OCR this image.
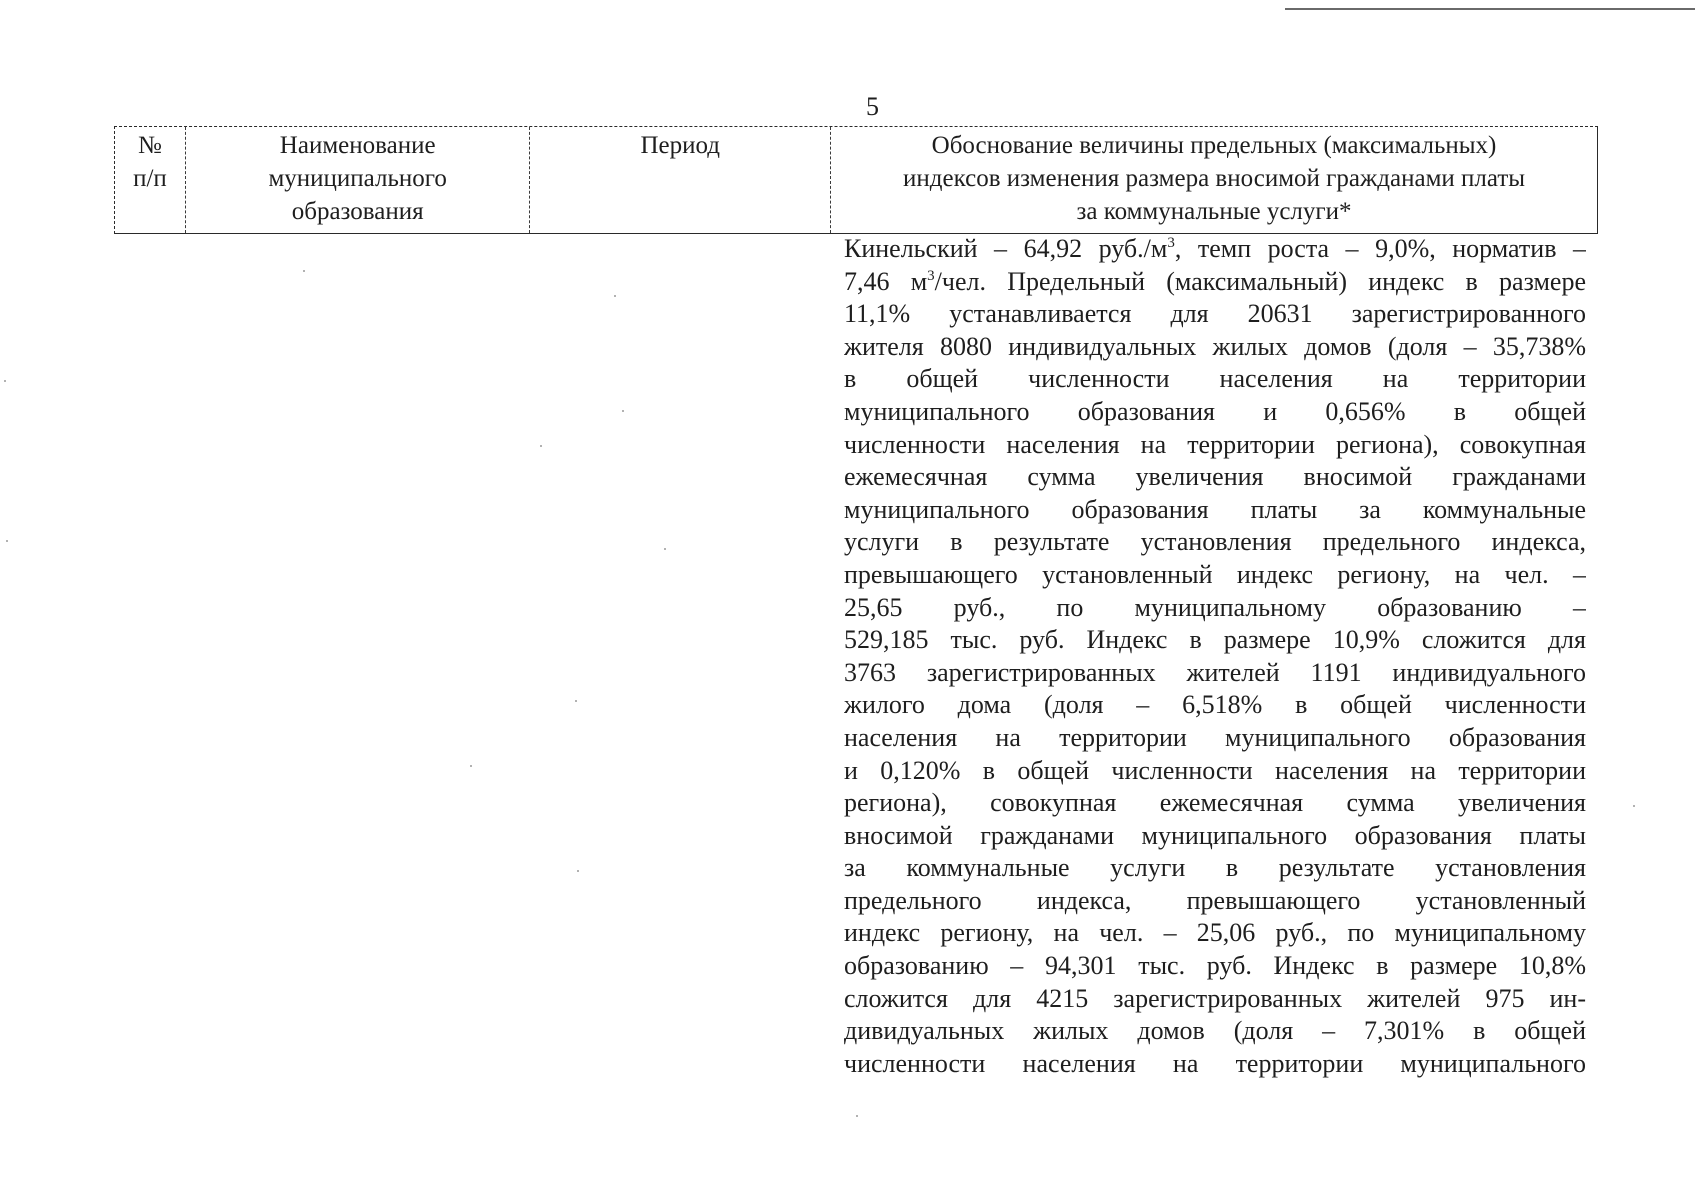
5
№
п/п
Наименование
муниципального
образования
Период	Обоснование величины предельных (максимальных)
индексов изменения размера вносимой гражданами платы
за коммунальные услуги*
Кинельский – 64,92 $руб./м^3$, темп роста – 9,0%, норматив –
7,46 $м^3$/чел. Предельный (максимальный) индекс в размере
11,1% устанавливается для 20631 зарегистрированного
жителя 8080 индивидуальных жилых домов (доля – 35,738%
в общей численности населения на территории
муниципального образования и 0,656% в общей
численности населения на территории региона), совокупная
ежемесячная сумма увеличения вносимой гражданами
муниципального образования платы за коммунальные
услуги в результате установления предельного индекса,
превышающего установленный индекс региону, на чел. –
25,65 руб., по муниципальному образованию –
529,185 тыс. руб. Индекс в размере 10,9% сложится для
3763 зарегистрированных жителей 1191 индивидуального
жилого дома (доля – 6,518% в общей численности
населения на территории муниципального образования
и 0,120% в общей численности населения на территории
региона), совокупная ежемесячная сумма увеличения
вносимой гражданами муниципального образования платы
за коммунальные услуги в результате установления
предельного индекса, превышающего установленный
индекс региону, на чел. – 25,06 руб., по муниципальному
образованию – 94,301 тыс. руб. Индекс в размере 10,8%
сложится для 4215 зарегистрированных жителей 975 ин-
дивидуальных жилых домов (доля – 7,301% в общей
численности населения на территории муниципального
